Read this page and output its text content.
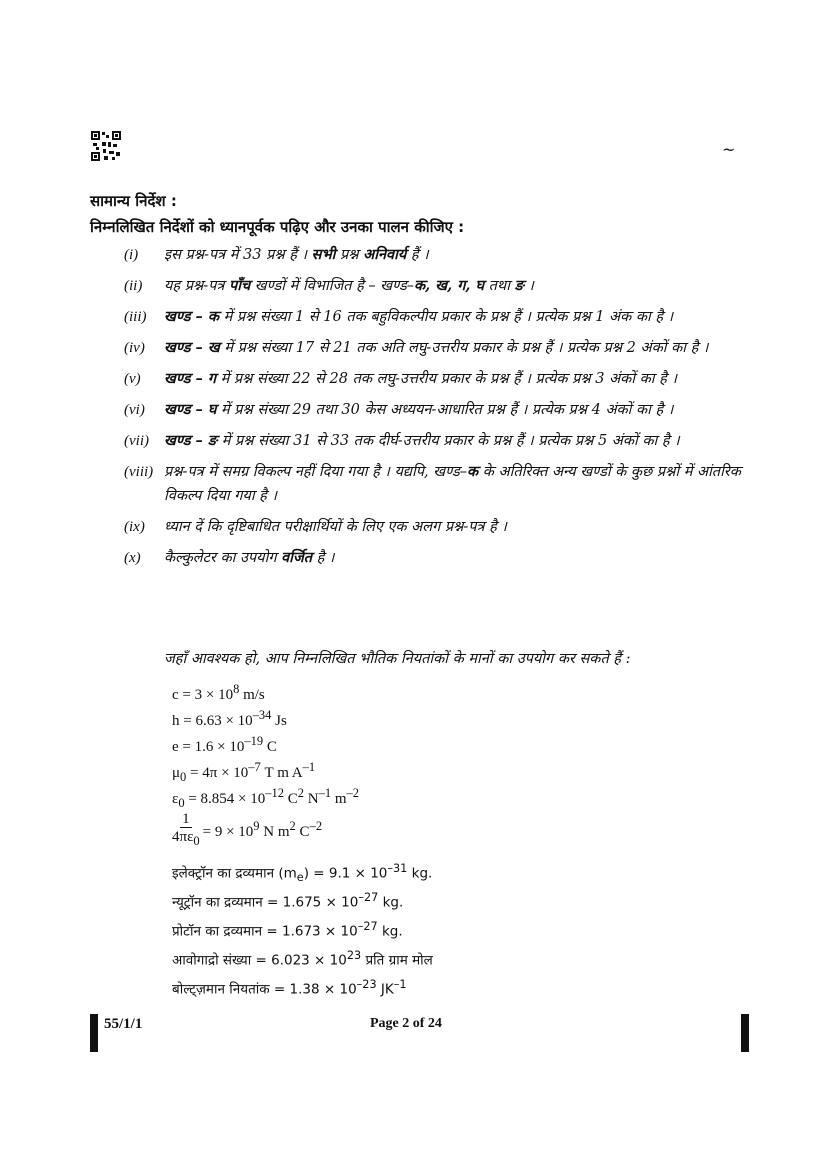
~
सामान्य निर्देश :
निम्नलिखित निर्देशों को ध्यानपूर्वक पढ़िए और उनका पालन कीजिए :
(i)	इस प्रश्न-पत्र में 33 प्रश्न हैं । सभी प्रश्न अनिवार्य हैं ।
(ii)	यह प्रश्न-पत्र पाँच खण्डों में विभाजित है – खण्ड–क, ख, ग, घ तथा ङ ।
(iii)	खण्ड – क में प्रश्न संख्या 1 से 16 तक बहुविकल्पीय प्रकार के प्रश्न हैं । प्रत्येक प्रश्न 1 अंक का है ।
(iv)	खण्ड – ख में प्रश्न संख्या 17 से 21 तक अति लघु-उत्तरीय प्रकार के प्रश्न हैं । प्रत्येक प्रश्न 2 अंकों का है ।
(v)	खण्ड – ग में प्रश्न संख्या 22 से 28 तक लघु-उत्तरीय प्रकार के प्रश्न हैं । प्रत्येक प्रश्न 3 अंकों का है ।
(vi)	खण्ड – घ में प्रश्न संख्या 29 तथा 30 केस अध्ययन-आधारित प्रश्न हैं । प्रत्येक प्रश्न 4 अंकों का है ।
(vii)	खण्ड – ङ में प्रश्न संख्या 31 से 33 तक दीर्घ-उत्तरीय प्रकार के प्रश्न हैं । प्रत्येक प्रश्न 5 अंकों का है ।
(viii) प्रश्न-पत्र में समग्र विकल्प नहीं दिया गया है । यद्यपि, खण्ड–क के अतिरिक्त अन्य खण्डों के कुछ प्रश्नों में आंतरिक विकल्प दिया गया है ।
(ix)	ध्यान दें कि दृष्टिबाधित परीक्षार्थियों के लिए एक अलग प्रश्न-पत्र है ।
(x)	कैल्कुलेटर का उपयोग वर्जित है ।
जहाँ आवश्यक हो, आप निम्नलिखित भौतिक नियतांकों के मानों का उपयोग कर सकते हैं :
$c = 3 \times 10^8$ m/s
$h = 6.63 \times 10^{-34}$ Js
$e = 1.6 \times 10^{-19}$ C
$\mu_0 = 4\pi \times 10^{-7}$ T m $A^{-1}$
$\varepsilon_0 = 8.854 \times 10^{-12}$ $C^2$ $N^{-1}$ $m^{-2}$
$\frac{1}{4\pi\varepsilon_0} = 9 \times 10^9$ N $m^2$ $C^{-2}$
इलेक्ट्रॉन का द्रव्यमान $(m_e) = 9.1 \times 10^{-31}$ kg.
न्यूट्रॉन का द्रव्यमान = $1.675 \times 10^{-27}$ kg.
प्रोटॉन का द्रव्यमान = $1.673 \times 10^{-27}$ kg.
आवोगाद्रो संख्या = $6.023 \times 10^{23}$ प्रति ग्राम मोल
बोल्ट्ज़मान नियतांक = $1.38 \times 10^{-23}$ $JK^{-1}$
55/1/1	Page 2 of 24
